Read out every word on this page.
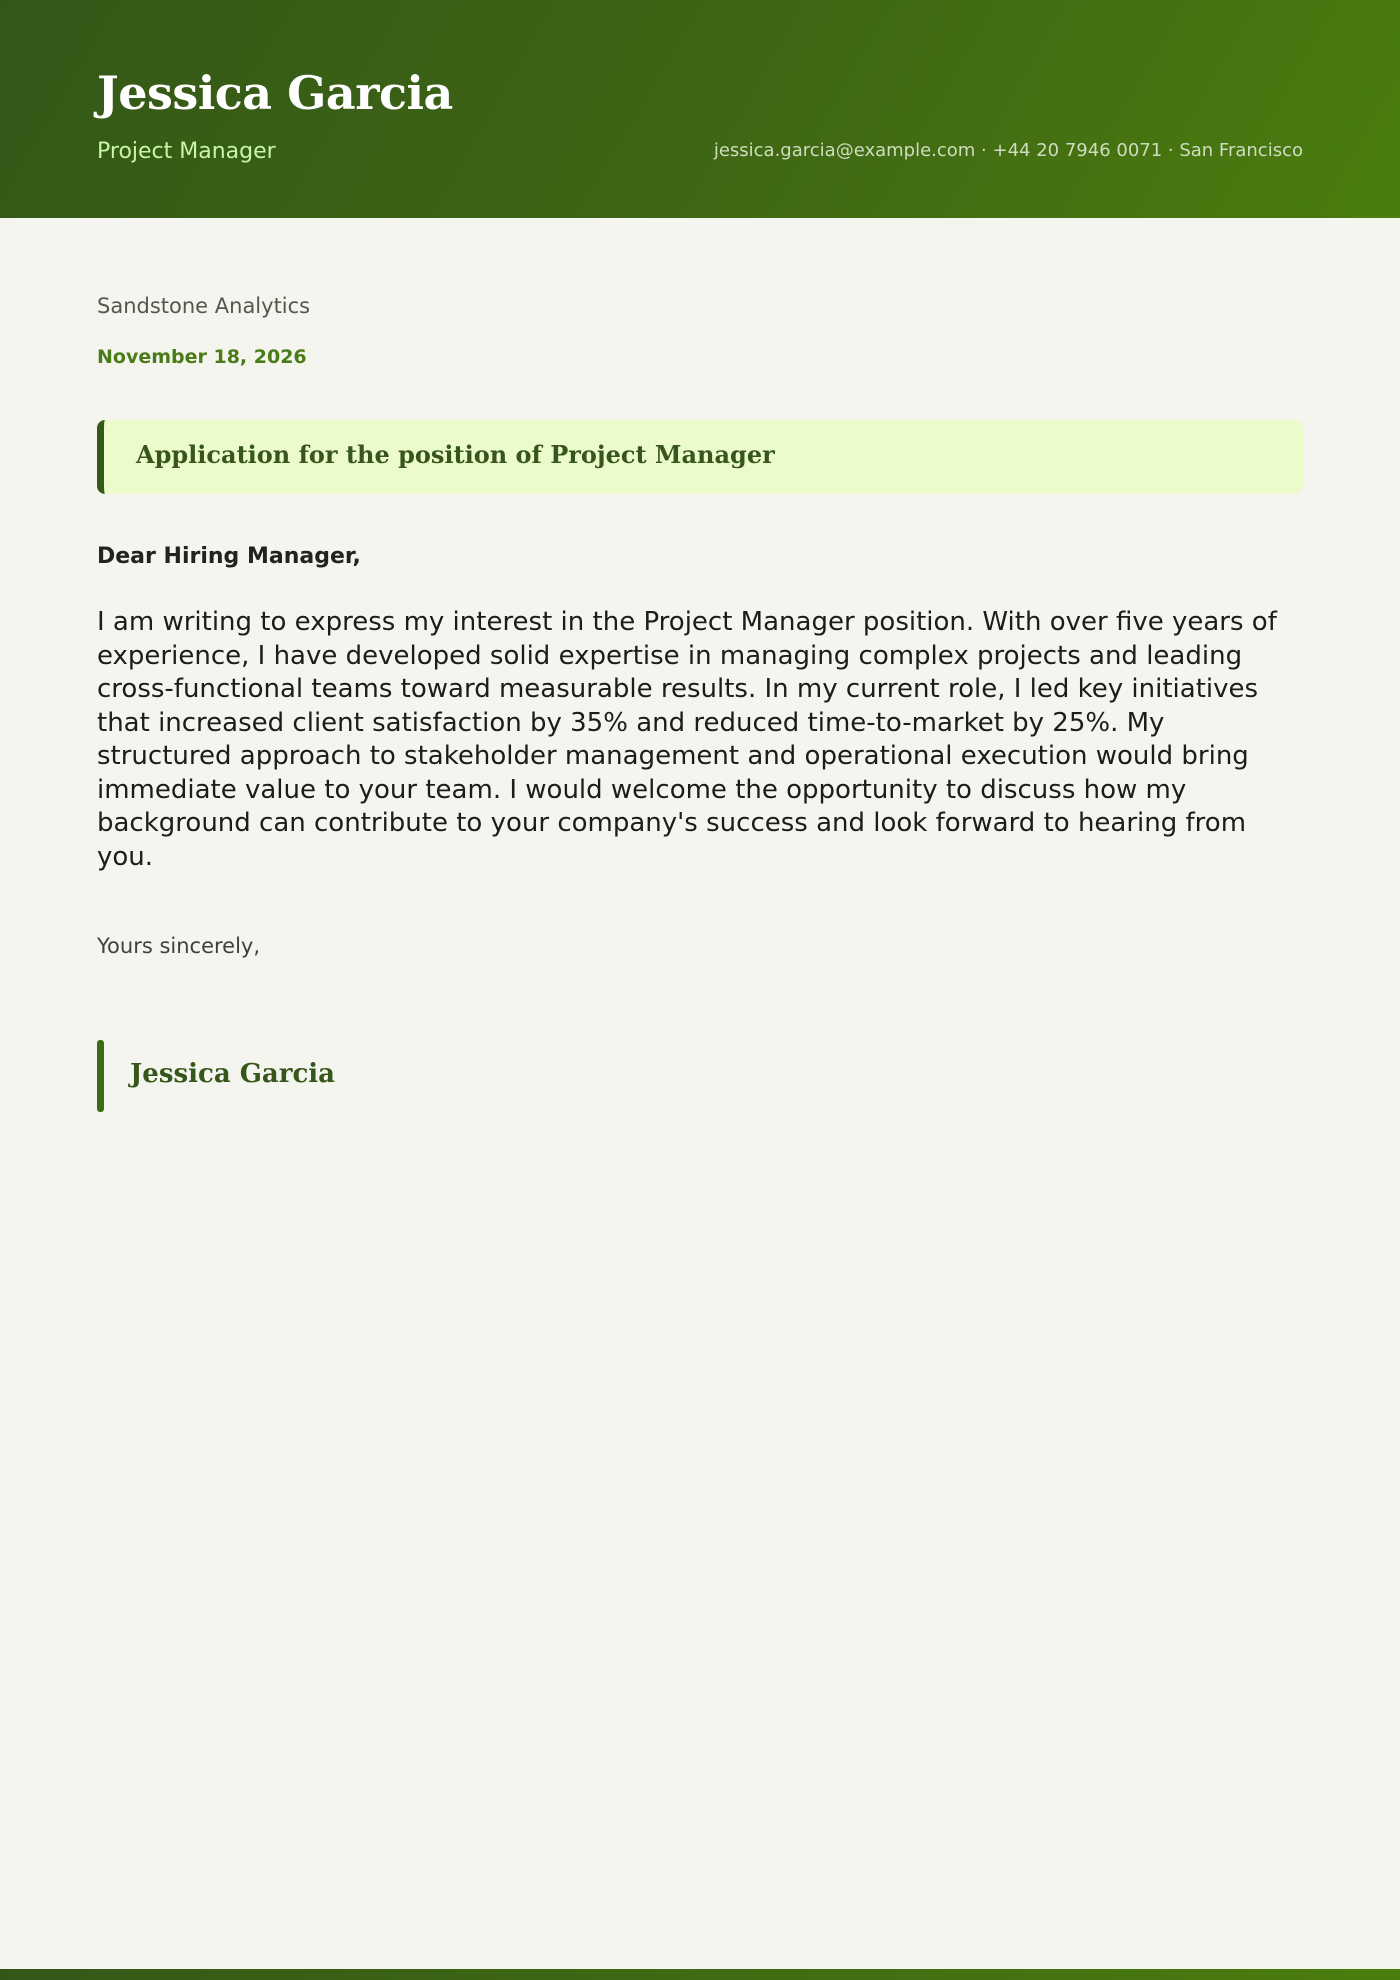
Jessica Garcia
Project Manager	jessica.garcia@example.com · +44 20 7946 0071 · San Francisco
Sandstone Analytics
November 18, 2026
Application for the position of Project Manager
Dear Hiring Manager,

I am writing to express my interest in the Project Manager position. With over five years of experience, I have developed solid expertise in managing complex projects and leading cross-functional teams toward measurable results. In my current role, I led key initiatives that increased client satisfaction by 35% and reduced time-to-market by 25%. My structured approach to stakeholder management and operational execution would bring immediate value to your team. I would welcome the opportunity to discuss how my background can contribute to your company's success and look forward to hearing from you.

Yours sincerely,
Jessica Garcia
